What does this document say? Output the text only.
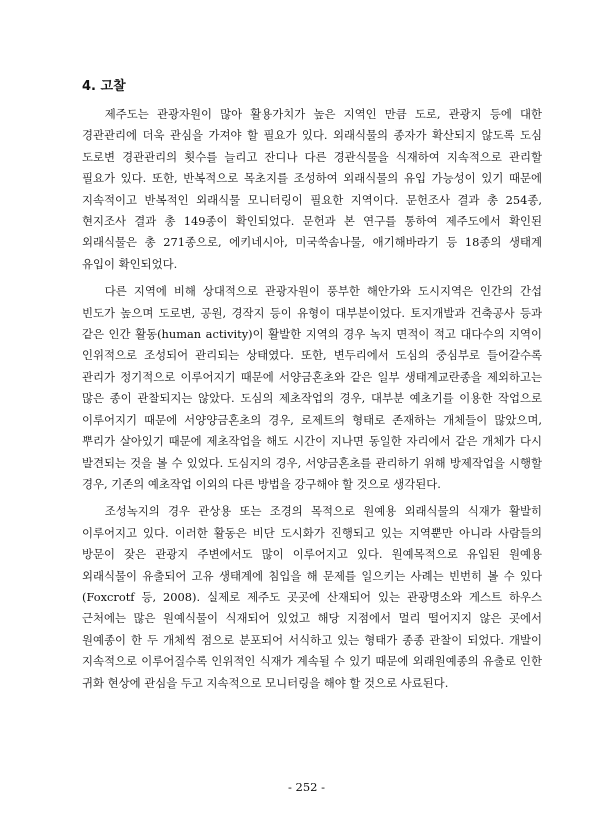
4. 고찰

제주도는 관광자원이 많아 활용가치가 높은 지역인 만큼 도로, 관광지 등에 대한 경관관리에 더욱 관심을 가져야 할 필요가 있다. 외래식물의 종자가 확산되지 않도록 도심 도로변 경관관리의 횟수를 늘리고 잔디나 다른 경관식물을 식재하여 지속적으로 관리할 필요가 있다. 또한, 반복적으로 목초지를 조성하여 외래식물의 유입 가능성이 있기 때문에 지속적이고 반복적인 외래식물 모니터링이 필요한 지역이다. 문헌조사 결과 총 254종, 현지조사 결과 총 149종이 확인되었다. 문헌과 본 연구를 통하여 제주도에서 확인된 외래식물은 총 271종으로, 에키네시아, 미국쑥솜나물, 애기해바라기 등 18종의 생태계 유입이 확인되었다.

다른 지역에 비해 상대적으로 관광자원이 풍부한 해안가와 도시지역은 인간의 간섭 빈도가 높으며 도로변, 공원, 경작지 등이 유형이 대부분이었다. 토지개발과 건축공사 등과 같은 인간 활동(human activity)이 활발한 지역의 경우 녹지 면적이 적고 대다수의 지역이 인위적으로 조성되어 관리되는 상태였다. 또한, 변두리에서 도심의 중심부로 들어갈수록 관리가 정기적으로 이루어지기 때문에 서양금혼초와 같은 일부 생태계교란종을 제외하고는 많은 종이 관찰되지는 않았다. 도심의 제초작업의 경우, 대부분 예초기를 이용한 작업으로 이루어지기 때문에 서양양금혼초의 경우, 로제트의 형태로 존재하는 개체들이 많았으며, 뿌리가 살아있기 때문에 제초작업을 해도 시간이 지나면 동일한 자리에서 같은 개체가 다시 발견되는 것을 볼 수 있었다. 도심지의 경우, 서양금혼초를 관리하기 위해 방제작업을 시행할 경우, 기존의 예초작업 이외의 다른 방법을 강구해야 할 것으로 생각된다.

조성녹지의 경우 관상용 또는 조경의 목적으로 원예용 외래식물의 식재가 활발히 이루어지고 있다. 이러한 활동은 비단 도시화가 진행되고 있는 지역뿐만 아니라 사람들의 방문이 잦은 관광지 주변에서도 많이 이루어지고 있다. 원예목적으로 유입된 원예용 외래식물이 유출되어 고유 생태계에 침입을 해 문제를 일으키는 사례는 빈번히 볼 수 있다(Foxcrotf 등, 2008). 실제로 제주도 곳곳에 산재되어 있는 관광명소와 게스트 하우스 근처에는 많은 원예식물이 식재되어 있었고 해당 지점에서 멀리 떨어지지 않은 곳에서 원예종이 한 두 개체씩 점으로 분포되어 서식하고 있는 형태가 종종 관찰이 되었다. 개발이 지속적으로 이루어질수록 인위적인 식재가 계속될 수 있기 때문에 외래원예종의 유출로 인한 귀화 현상에 관심을 두고 지속적으로 모니터링을 해야 할 것으로 사료된다.

- 252 -
